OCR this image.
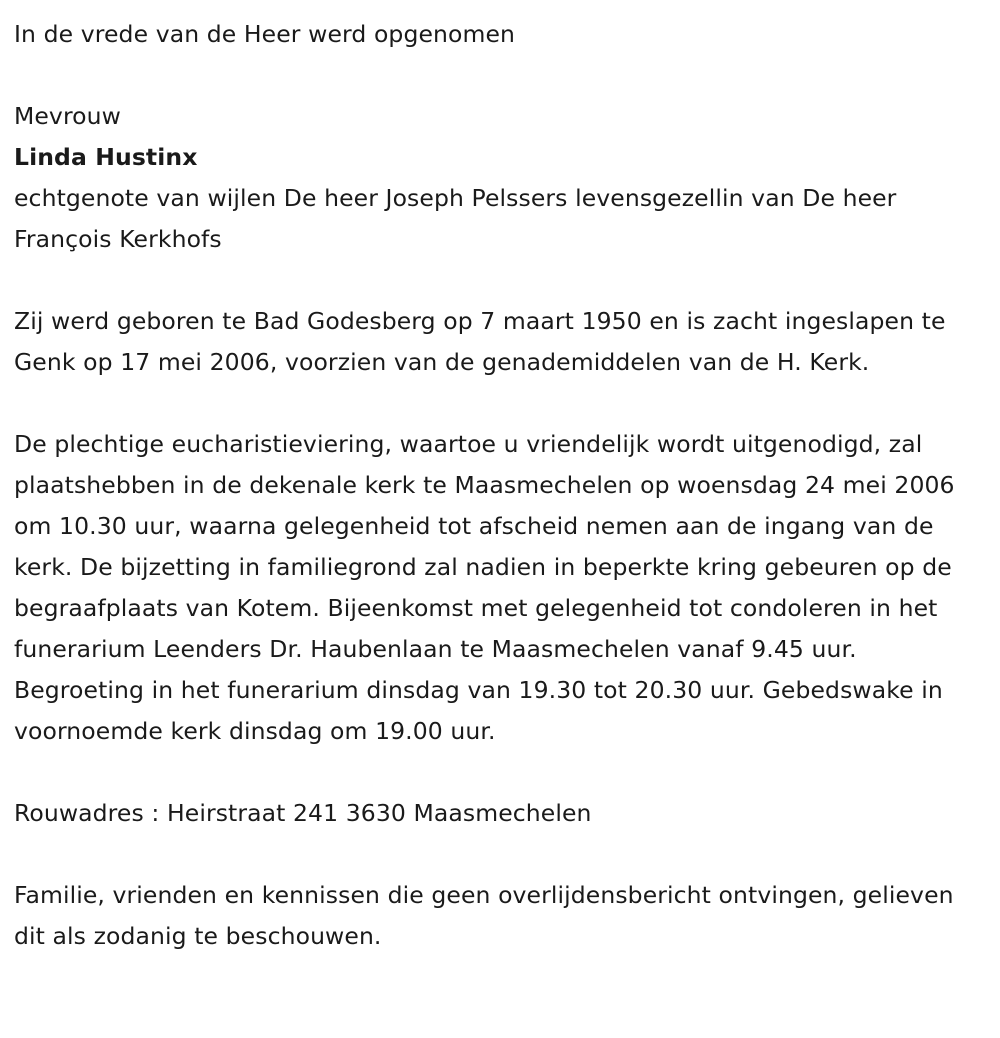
In de vrede van de Heer werd opgenomen
Mevrouw
Linda Hustinx

echtgenote van wijlen De heer Joseph Pelssers levensgezellin van De heer François Kerkhofs

Zij werd geboren te Bad Godesberg op 7 maart 1950 en is zacht ingeslapen te Genk op 17 mei 2006, voorzien van de genademiddelen van de H. Kerk.

De plechtige eucharistieviering, waartoe u vriendelijk wordt uitgenodigd, zal plaatshebben in de dekenale kerk te Maasmechelen op woensdag 24 mei 2006 om 10.30 uur, waarna gelegenheid tot afscheid nemen aan de ingang van de kerk. De bijzetting in familiegrond zal nadien in beperkte kring gebeuren op de begraafplaats van Kotem. Bijeenkomst met gelegenheid tot condoleren in het funerarium Leenders Dr. Haubenlaan te Maasmechelen vanaf 9.45 uur. Begroeting in het funerarium dinsdag van 19.30 tot 20.30 uur. Gebedswake in voornoemde kerk dinsdag om 19.00 uur.

Rouwadres : Heirstraat 241 3630 Maasmechelen

Familie, vrienden en kennissen die geen overlijdensbericht ontvingen, gelieven dit als zodanig te beschouwen.
